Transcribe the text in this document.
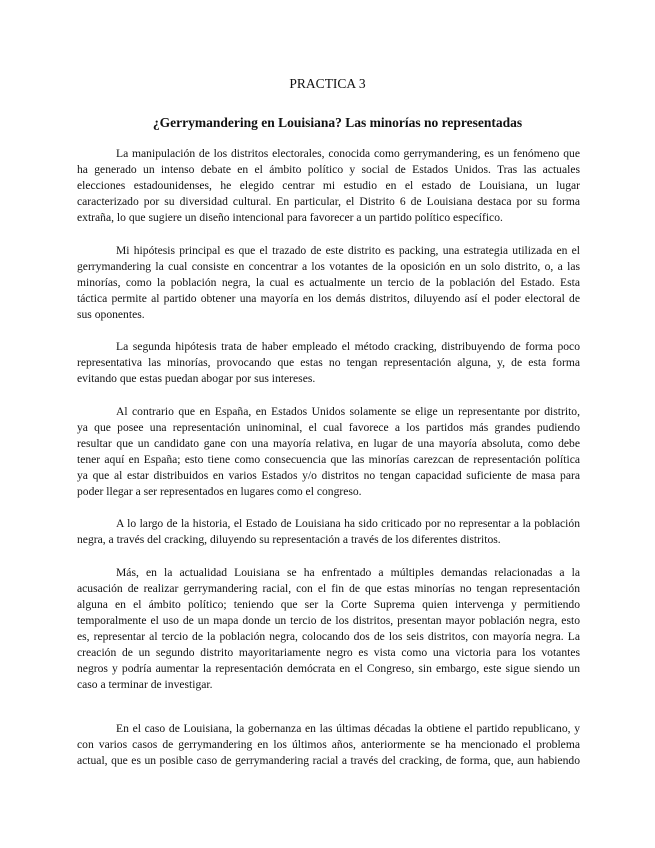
PRACTICA 3
¿Gerrymandering en Louisiana? Las minorías no representadas
La manipulación de los distritos electorales, conocida como gerrymandering, es un fenómeno que
ha generado un intenso debate en el ámbito político y social de Estados Unidos. Tras las actuales
elecciones estadounidenses, he elegido centrar mi estudio en el estado de Louisiana, un lugar
caracterizado por su diversidad cultural. En particular, el Distrito 6 de Louisiana destaca por su forma
extraña, lo que sugiere un diseño intencional para favorecer a un partido político específico.
Mi hipótesis principal es que el trazado de este distrito es packing, una estrategia utilizada en el
gerrymandering la cual consiste en concentrar a los votantes de la oposición en un solo distrito, o, a las
minorías, como la población negra, la cual es actualmente un tercio de la población del Estado. Esta
táctica permite al partido obtener una mayoría en los demás distritos, diluyendo así el poder electoral de
sus oponentes.
La segunda hipótesis trata de haber empleado el método cracking, distribuyendo de forma poco
representativa las minorías, provocando que estas no tengan representación alguna, y, de esta forma
evitando que estas puedan abogar por sus intereses.
Al contrario que en España, en Estados Unidos solamente se elige un representante por distrito,
ya que posee una representación uninominal, el cual favorece a los partidos más grandes pudiendo
resultar que un candidato gane con una mayoría relativa, en lugar de una mayoría absoluta, como debe
tener aquí en España; esto tiene como consecuencia que las minorías carezcan de representación política
ya que al estar distribuidos en varios Estados y/o distritos no tengan capacidad suficiente de masa para
poder llegar a ser representados en lugares como el congreso.
A lo largo de la historia, el Estado de Louisiana ha sido criticado por no representar a la población
negra, a través del cracking, diluyendo su representación a través de los diferentes distritos.
Más, en la actualidad Louisiana se ha enfrentado a múltiples demandas relacionadas a la
acusación de realizar gerrymandering racial, con el fin de que estas minorías no tengan representación
alguna en el ámbito político; teniendo que ser la Corte Suprema quien intervenga y permitiendo
temporalmente el uso de un mapa donde un tercio de los distritos, presentan mayor población negra, esto
es, representar al tercio de la población negra, colocando dos de los seis distritos, con mayoría negra. La
creación de un segundo distrito mayoritariamente negro es vista como una victoria para los votantes
negros y podría aumentar la representación demócrata en el Congreso, sin embargo, este sigue siendo un
caso a terminar de investigar.
En el caso de Louisiana, la gobernanza en las últimas décadas la obtiene el partido republicano, y
con varios casos de gerrymandering en los últimos años, anteriormente se ha mencionado el problema
actual, que es un posible caso de gerrymandering racial a través del cracking, de forma, que, aun habiendo
